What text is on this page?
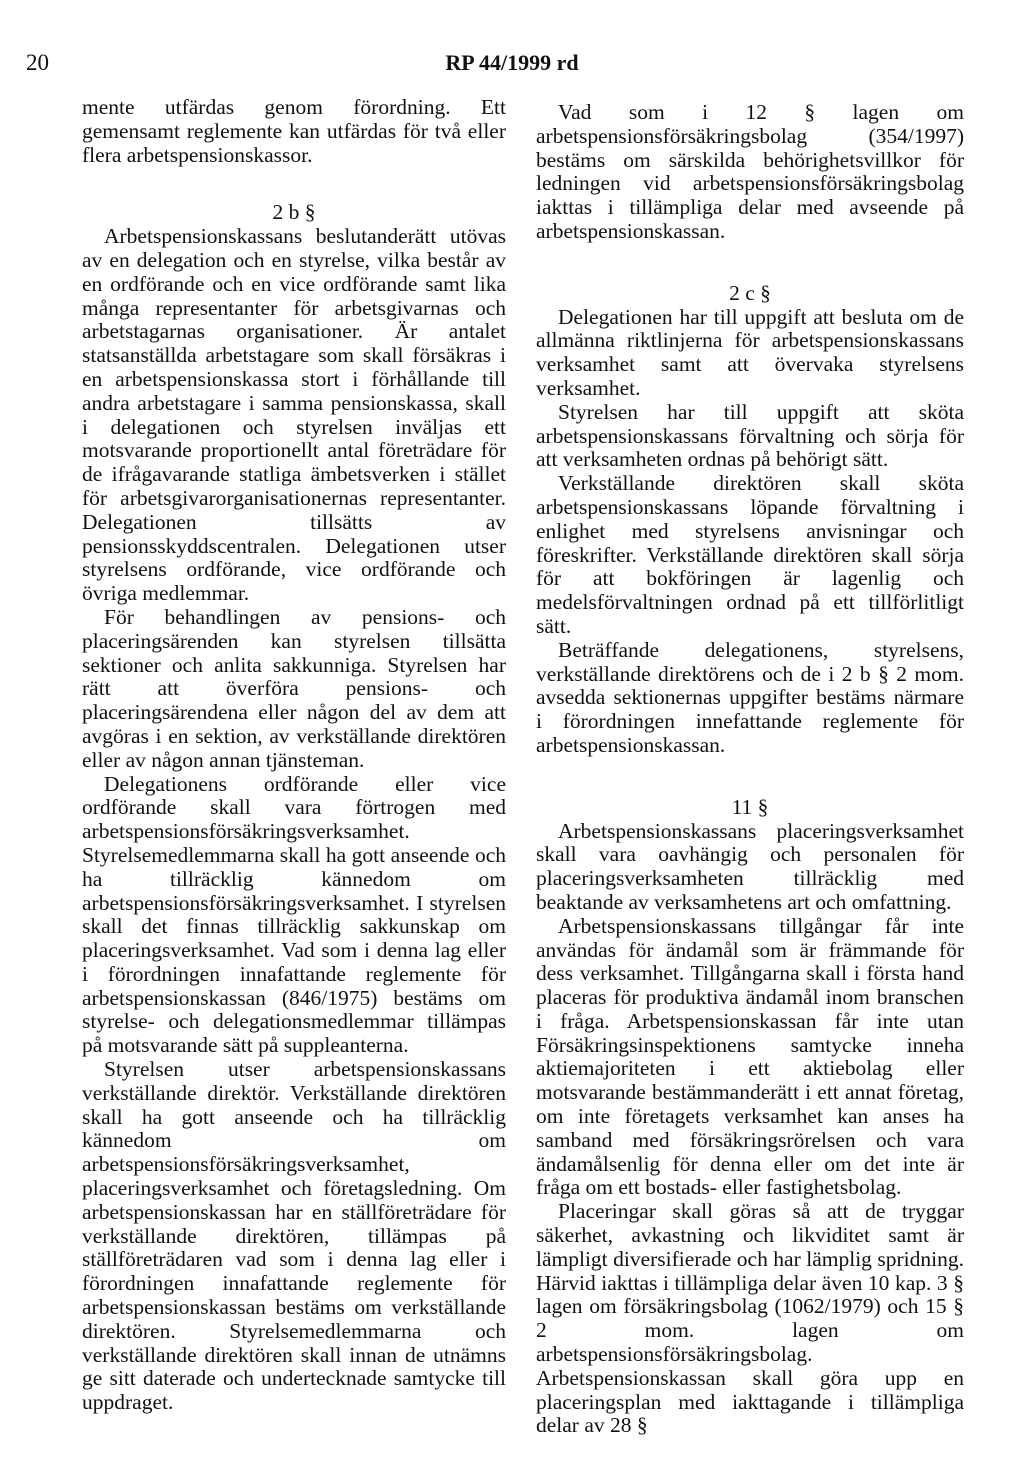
20	RP 44/1999 rd

mente utfärdas genom förordning. Ett gemensamt reglemente kan utfärdas för två eller flera arbetspensionskassor.

2 b §

Arbetspensionskassans beslutanderätt utövas av en delegation och en styrelse, vilka består av en ordförande och en vice ordförande samt lika många representanter för arbetsgivarnas och arbetstagarnas organisationer. Är antalet statsanställda arbetstagare som skall försäkras i en arbetspensionskassa stort i förhållande till andra arbetstagare i samma pensionskassa, skall i delegationen och styrelsen inväljas ett motsvarande proportionellt antal företrädare för de ifrågavarande statliga ämbetsverken i stället för arbetsgivarorganisationernas representanter. Delegationen tillsätts av pensionsskyddscentralen. Delegationen utser styrelsens ordförande, vice ordförande och övriga medlemmar.

För behandlingen av pensions- och placeringsärenden kan styrelsen tillsätta sektioner och anlita sakkunniga. Styrelsen har rätt att överföra pensions- och placeringsärendena eller någon del av dem att avgöras i en sektion, av verkställande direktören eller av någon annan tjänsteman.

Delegationens ordförande eller vice ordförande skall vara förtrogen med arbetspensionsförsäkringsverksamhet. Styrelsemedlemmarna skall ha gott anseende och ha tillräcklig kännedom om arbetspensionsförsäkringsverksamhet. I styrelsen skall det finnas tillräcklig sakkunskap om placeringsverksamhet. Vad som i denna lag eller i förordningen innafattande reglemente för arbetspensionskassan (846/1975) bestäms om styrelse- och delegationsmedlemmar tillämpas på motsvarande sätt på suppleanterna.

Styrelsen utser arbetspensionskassans verkställande direktör. Verkställande direktören skall ha gott anseende och ha tillräcklig kännedom om arbetspensionsförsäkringsverksamhet, placeringsverksamhet och företagsledning. Om arbetspensionskassan har en ställföreträdare för verkställande direktören, tillämpas på ställföreträdaren vad som i denna lag eller i förordningen innafattande reglemente för arbetspensionskassan bestäms om verkställande direktören. Styrelsemedlemmarna och verkställande direktören skall innan de utnämns ge sitt daterade och undertecknade samtycke till uppdraget.

Vad som i 12 § lagen om arbetspensionsförsäkringsbolag (354/1997) bestäms om särskilda behörighetsvillkor för ledningen vid arbetspensionsförsäkringsbolag iakttas i tillämpliga delar med avseende på arbetspensionskassan.

2 c §

Delegationen har till uppgift att besluta om de allmänna riktlinjerna för arbetspensionskassans verksamhet samt att övervaka styrelsens verksamhet.

Styrelsen har till uppgift att sköta arbetspensionskassans förvaltning och sörja för att verksamheten ordnas på behörigt sätt.

Verkställande direktören skall sköta arbetspensionskassans löpande förvaltning i enlighet med styrelsens anvisningar och föreskrifter. Verkställande direktören skall sörja för att bokföringen är lagenlig och medelsförvaltningen ordnad på ett tillförlitligt sätt.

Beträffande delegationens, styrelsens, verkställande direktörens och de i 2 b § 2 mom. avsedda sektionernas uppgifter bestäms närmare i förordningen innefattande reglemente för arbetspensionskassan.

11 §

Arbetspensionskassans placeringsverksamhet skall vara oavhängig och personalen för placeringsverksamheten tillräcklig med beaktande av verksamhetens art och omfattning.

Arbetspensionskassans tillgångar får inte användas för ändamål som är främmande för dess verksamhet. Tillgångarna skall i första hand placeras för produktiva ändamål inom branschen i fråga. Arbetspensionskassan får inte utan Försäkringsinspektionens samtycke inneha aktiemajoriteten i ett aktiebolag eller motsvarande bestämmanderätt i ett annat företag, om inte företagets verksamhet kan anses ha samband med försäkringsrörelsen och vara ändamålsenlig för denna eller om det inte är fråga om ett bostads- eller fastighetsbolag.

Placeringar skall göras så att de tryggar säkerhet, avkastning och likviditet samt är lämpligt diversifierade och har lämplig spridning. Härvid iakttas i tillämpliga delar även 10 kap. 3 § lagen om försäkringsbolag (1062/1979) och 15 § 2 mom. lagen om arbetspensionsförsäkringsbolag. Arbetspensionskassan skall göra upp en placeringsplan med iakttagande i tillämpliga delar av 28 §
